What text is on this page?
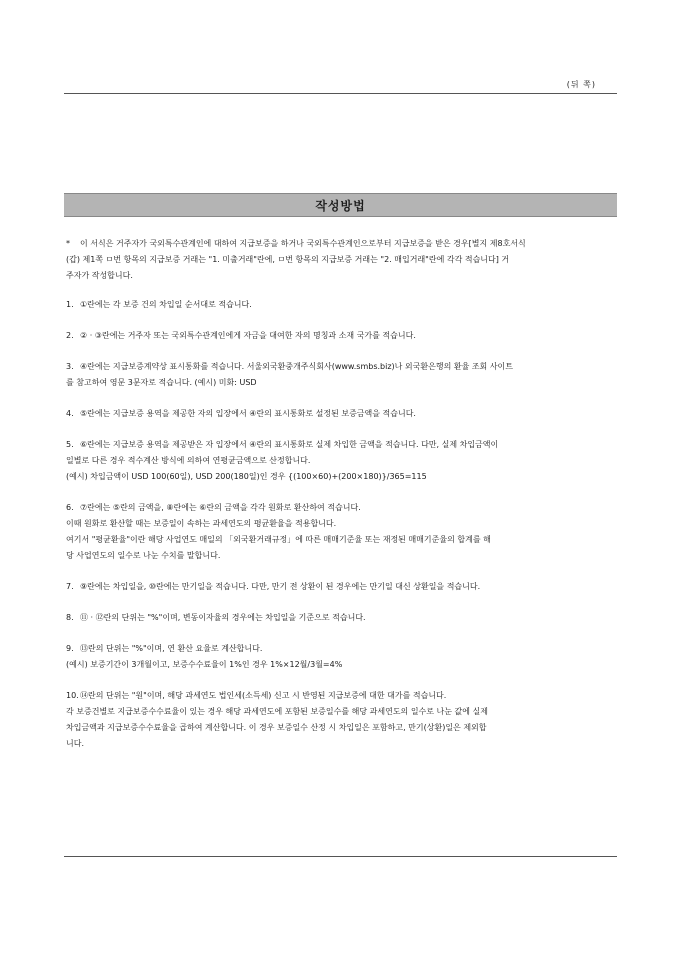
(뒤 쪽)
작성방법
* 이 서식은 거주자가 국외특수관계인에 대하여 지급보증을 하거나 국외특수관계인으로부터 지급보증을 받은 경우[별지 제8호서식
(갑) 제1쪽 ㅁ번 항목의 지급보증 거래는 "1. 미출거래"란에, ㅁ번 항목의 지급보증 거래는 "2. 매입거래"란에 각각 적습니다] 거
주자가 작성합니다.
1. ①란에는 각 보증 건의 차입일 순서대로 적습니다.
2. ② · ③란에는 거주자 또는 국외특수관계인에게 자금을 대여한 자의 명칭과 소재 국가를 적습니다.
3. ④란에는 지급보증계약상 표시통화를 적습니다. 서울외국환중개주식회사(www.smbs.biz)나 외국환은행의 환율 조회 사이트
를 참고하여 영문 3문자로 적습니다. (예시) 미화: USD
4. ⑤란에는 지급보증 용역을 제공한 자의 입장에서 ④란의 표시통화로 설정된 보증금액을 적습니다.
5. ⑥란에는 지급보증 용역을 제공받은 자 입장에서 ④란의 표시통화로 실제 차입한 금액을 적습니다. 다만, 실제 차입금액이
일별로 다른 경우 적수계산 방식에 의하여 연평균금액으로 산정합니다.
(예시) 차입금액이 USD 100(60일), USD 200(180일)인 경우 {(100×60)+(200×180)}/365=115
6. ⑦란에는 ⑤란의 금액을, ⑧란에는 ⑥란의 금액을 각각 원화로 환산하여 적습니다.
이때 원화로 환산할 때는 보증일이 속하는 과세연도의 평균환율을 적용합니다.
여기서 "평균환율"이란 해당 사업연도 매일의 「외국환거래규정」에 따른 매매기준율 또는 재정된 매매기준율의 합계를 해
당 사업연도의 일수로 나눈 수치를 말합니다.
7. ⑨란에는 차입일을, ⑩란에는 만기일을 적습니다. 다만, 만기 전 상환이 된 경우에는 만기일 대신 상환일을 적습니다.
8. ⑪ · ⑫란의 단위는 "%"이며, 변동이자율의 경우에는 차입일을 기준으로 적습니다.
9. ⑬란의 단위는 "%"이며, 연 환산 요율로 계산합니다.
(예시) 보증기간이 3개월이고, 보증수수료율이 1%인 경우 1%×12월/3월=4%
10.⑭란의 단위는 "원"이며, 해당 과세연도 법인세(소득세) 신고 시 반영된 지급보증에 대한 대가를 적습니다.
각 보증건별로 지급보증수수료율이 있는 경우 해당 과세연도에 포함된 보증일수를 해당 과세연도의 일수로 나눈 값에 실제
차입금액과 지급보증수수료율을 곱하여 계산합니다. 이 경우 보증일수 산정 시 차입일은 포함하고, 만기(상환)일은 제외합
니다.
